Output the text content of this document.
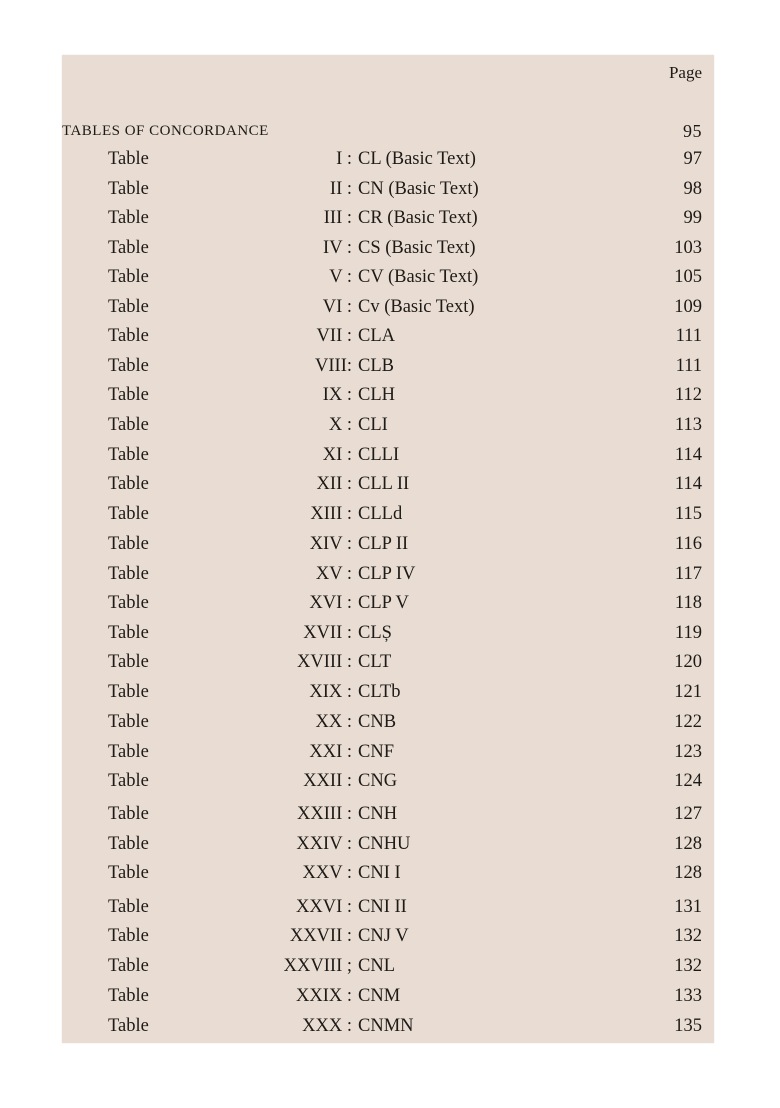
Page
TABLES OF CONCORDANCE	95
Table	I : CL (Basic Text)	97
Table	II : CN (Basic Text)	98
Table	III : CR (Basic Text)	99
Table	IV : CS (Basic Text)	103
Table	V : CV (Basic Text)	105
Table	VI : Cv (Basic Text)	109
Table	VII : CLA	111
Table	VIII: CLB	111
Table	IX : CLH	112
Table	X : CLI	113
Table	XI : CLLI	114
Table	XII : CLL II	114
Table	XIII : CLLd	115
Table	XIV : CLP II	116
Table	XV : CLP IV	117
Table	XVI : CLP V	118
Table	XVII : CLȘ	119
Table	XVIII : CLT	120
Table	XIX : CLTb	121
Table	XX : CNB	122
Table	XXI : CNF	123
Table	XXII : CNG	124
Table	XXIII : CNH	127
Table	XXIV : CNHU	128
Table	XXV : CNI I	128
Table	XXVI : CNI II	131
Table	XXVII : CNJ V	132
Table	XXVIII ; CNL	132
Table	XXIX : CNM	133
Table	XXX : CNMN	135
